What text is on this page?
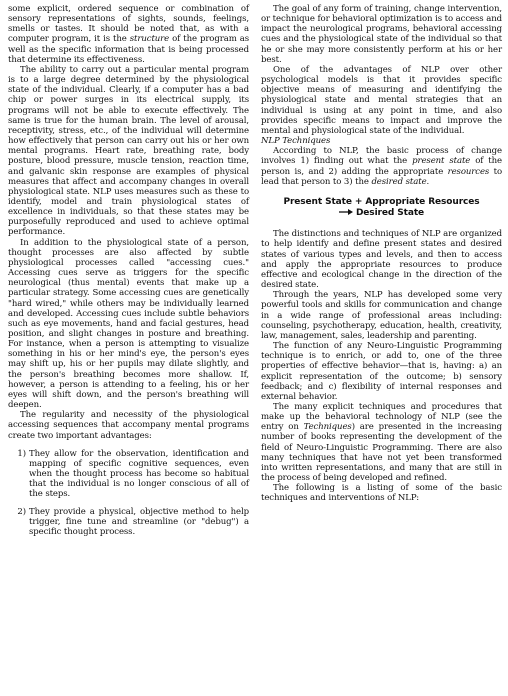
some explicit, ordered sequence or combination of sensory representations of sights, sounds, feelings, smells or tastes. It should be noted that, as with a computer program, it is the structure of the program as well as the specific information that is being processed that determine its effectiveness.

The ability to carry out a particular mental program is to a large degree determined by the physiological state of the individual. Clearly, if a computer has a bad chip or power surges in its electrical supply, its programs will not be able to execute effectively. The same is true for the human brain. The level of arousal, receptivity, stress, etc., of the individual will determine how effectively that person can carry out his or her own mental programs. Heart rate, breathing rate, body posture, blood pressure, muscle tension, reaction time, and galvanic skin response are examples of physical measures that affect and accompany changes in overall physiological state. NLP uses measures such as these to identify, model and train physiological states of excellence in individuals, so that these states may be purposefully reproduced and used to achieve optimal performance.

In addition to the physiological state of a person, thought processes are also affected by subtle physiological processes called "accessing cues." Accessing cues serve as triggers for the specific neurological (thus mental) events that make up a particular strategy. Some accessing cues are genetically "hard wired," while others may be individually learned and developed. Accessing cues include subtle behaviors such as eye movements, hand and facial gestures, head position, and slight changes in posture and breathing. For instance, when a person is attempting to visualize something in his or her mind's eye, the person's eyes may shift up, his or her pupils may dilate slightly, and the person's breathing becomes more shallow. If, however, a person is attending to a feeling, his or her eyes will shift down, and the person's breathing will deepen.

The regularity and necessity of the physiological accessing sequences that accompany mental programs create two important advantages:

1) They allow for the observation, identification and mapping of specific cognitive sequences, even when the thought process has become so habitual that the individual is no longer conscious of all of the steps.
2) They provide a physical, objective method to help trigger, fine tune and streamline (or "debug") a specific thought process.

The goal of any form of training, change intervention, or technique for behavioral optimization is to access and impact the neurological programs, behavioral accessing cues and the physiological state of the individual so that he or she may more consistently perform at his or her best.

One of the advantages of NLP over other psychological models is that it provides specific objective means of measuring and identifying the physiological state and mental strategies that an individual is using at any point in time, and also provides specific means to impact and improve the mental and physiological state of the individual.

NLP Techniques

According to NLP, the basic process of change involves 1) finding out what the present state of the person is, and 2) adding the appropriate resources to lead that person to 3) the desired state.

Present State + Appropriate Resources
Desired State

The distinctions and techniques of NLP are organized to help identify and define present states and desired states of various types and levels, and then to access and apply the appropriate resources to produce effective and ecological change in the direction of the desired state.

Through the years, NLP has developed some very powerful tools and skills for communication and change in a wide range of professional areas including: counseling, psychotherapy, education, health, creativity, law, management, sales, leadership and parenting.

The function of any Neuro-Linguistic Programming technique is to enrich, or add to, one of the three properties of effective behavior—that is, having: a) an explicit representation of the outcome; b) sensory feedback; and c) flexibility of internal responses and external behavior.

The many explicit techniques and procedures that make up the behavioral technology of NLP (see the entry on Techniques) are presented in the increasing number of books representing the development of the field of Neuro-Linguistic Programming. There are also many techniques that have not yet been transformed into written representations, and many that are still in the process of being developed and refined.

The following is a listing of some of the basic techniques and interventions of NLP:
